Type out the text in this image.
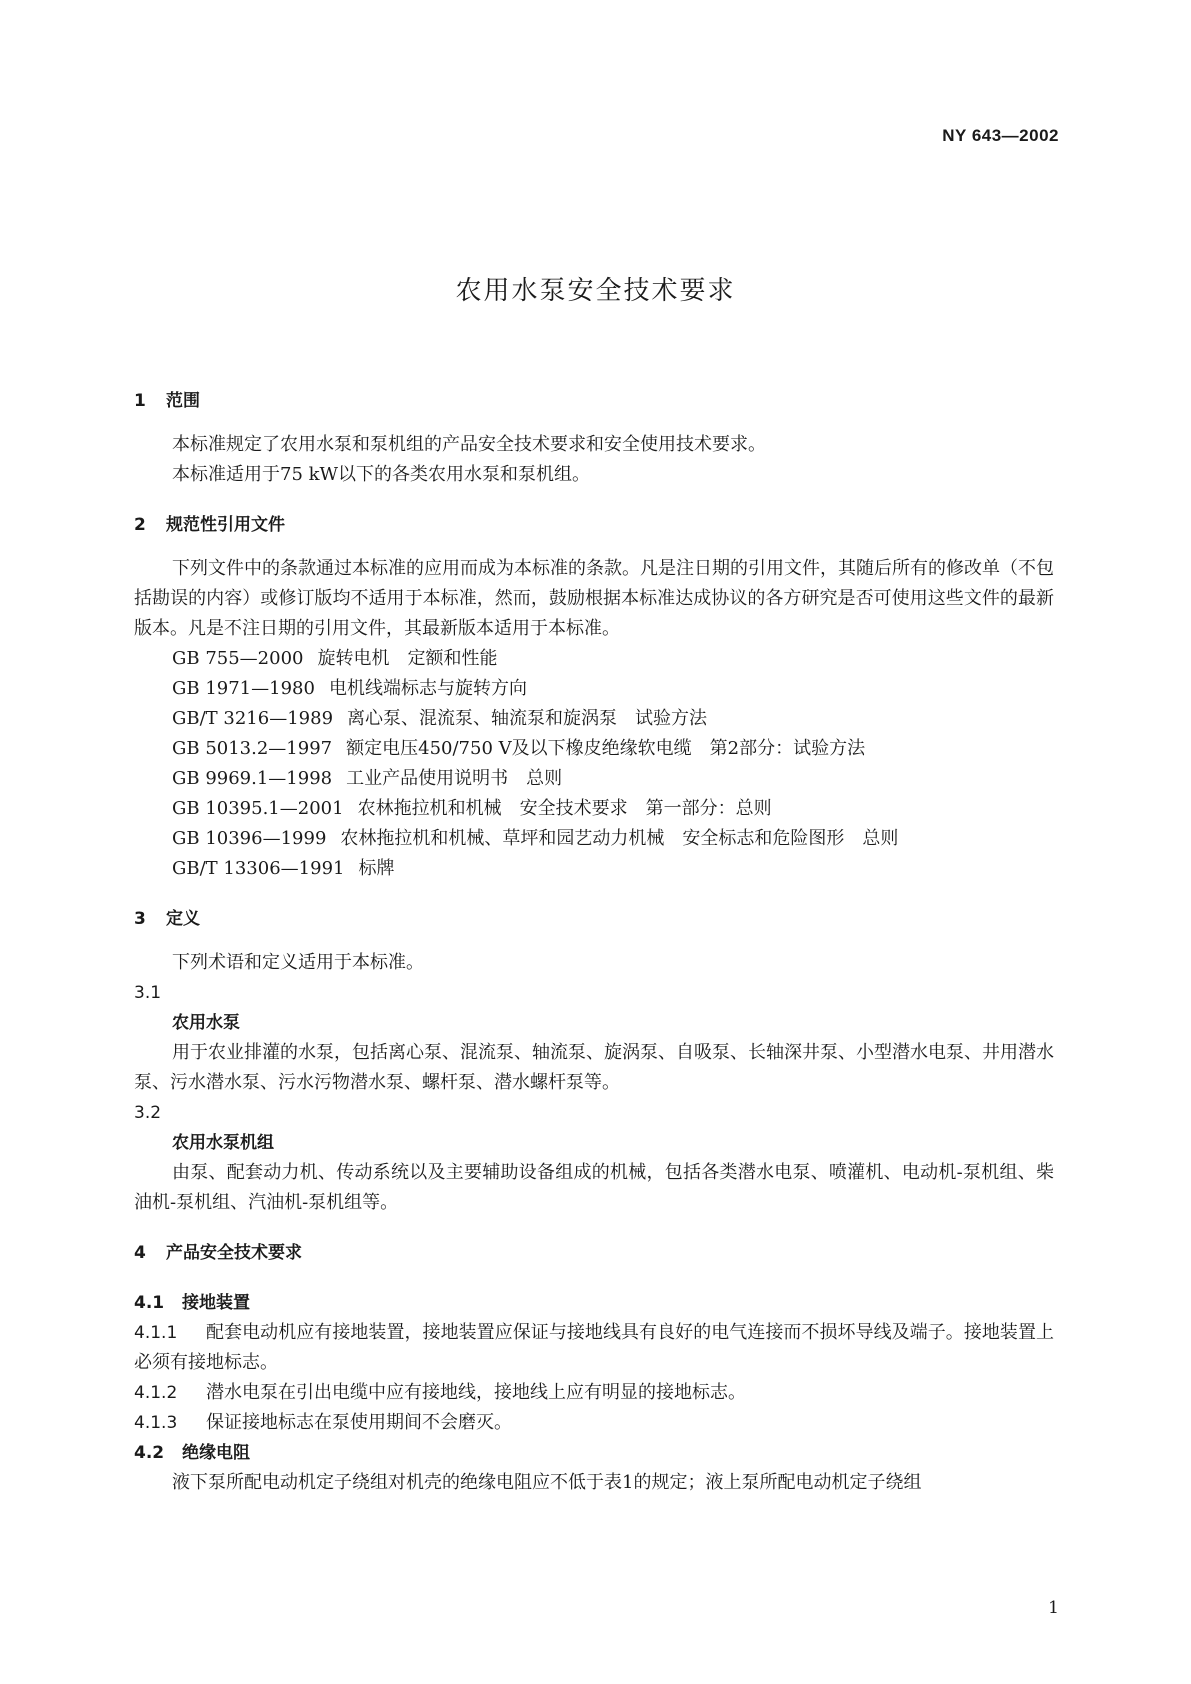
NY 643—2002
农用水泵安全技术要求
1 范围
本标准规定了农用水泵和泵机组的产品安全技术要求和安全使用技术要求。
本标准适用于75 kW以下的各类农用水泵和泵机组。
2 规范性引用文件
下列文件中的条款通过本标准的应用而成为本标准的条款。凡是注日期的引用文件，其随后所有的修改单（不包括勘误的内容）或修订版均不适用于本标准，然而，鼓励根据本标准达成协议的各方研究是否可使用这些文件的最新版本。凡是不注日期的引用文件，其最新版本适用于本标准。
GB 755—2000 旋转电机　定额和性能
GB 1971—1980 电机线端标志与旋转方向
GB/T 3216—1989 离心泵、混流泵、轴流泵和旋涡泵　试验方法
GB 5013.2—1997 额定电压450/750 V及以下橡皮绝缘软电缆　第2部分：试验方法
GB 9969.1—1998 工业产品使用说明书　总则
GB 10395.1—2001 农林拖拉机和机械　安全技术要求　第一部分：总则
GB 10396—1999 农林拖拉机和机械、草坪和园艺动力机械　安全标志和危险图形　总则
GB/T 13306—1991 标牌
3 定义
下列术语和定义适用于本标准。
3.1
农用水泵
用于农业排灌的水泵，包括离心泵、混流泵、轴流泵、旋涡泵、自吸泵、长轴深井泵、小型潜水电泵、井用潜水泵、污水潜水泵、污水污物潜水泵、螺杆泵、潜水螺杆泵等。
3.2
农用水泵机组
由泵、配套动力机、传动系统以及主要辅助设备组成的机械，包括各类潜水电泵、喷灌机、电动机-泵机组、柴油机-泵机组、汽油机-泵机组等。
4 产品安全技术要求
4.1 接地装置
4.1.1 配套电动机应有接地装置，接地装置应保证与接地线具有良好的电气连接而不损坏导线及端子。接地装置上必须有接地标志。
4.1.2 潜水电泵在引出电缆中应有接地线，接地线上应有明显的接地标志。
4.1.3 保证接地标志在泵使用期间不会磨灭。
4.2 绝缘电阻
液下泵所配电动机定子绕组对机壳的绝缘电阻应不低于表1的规定；液上泵所配电动机定子绕组
1
